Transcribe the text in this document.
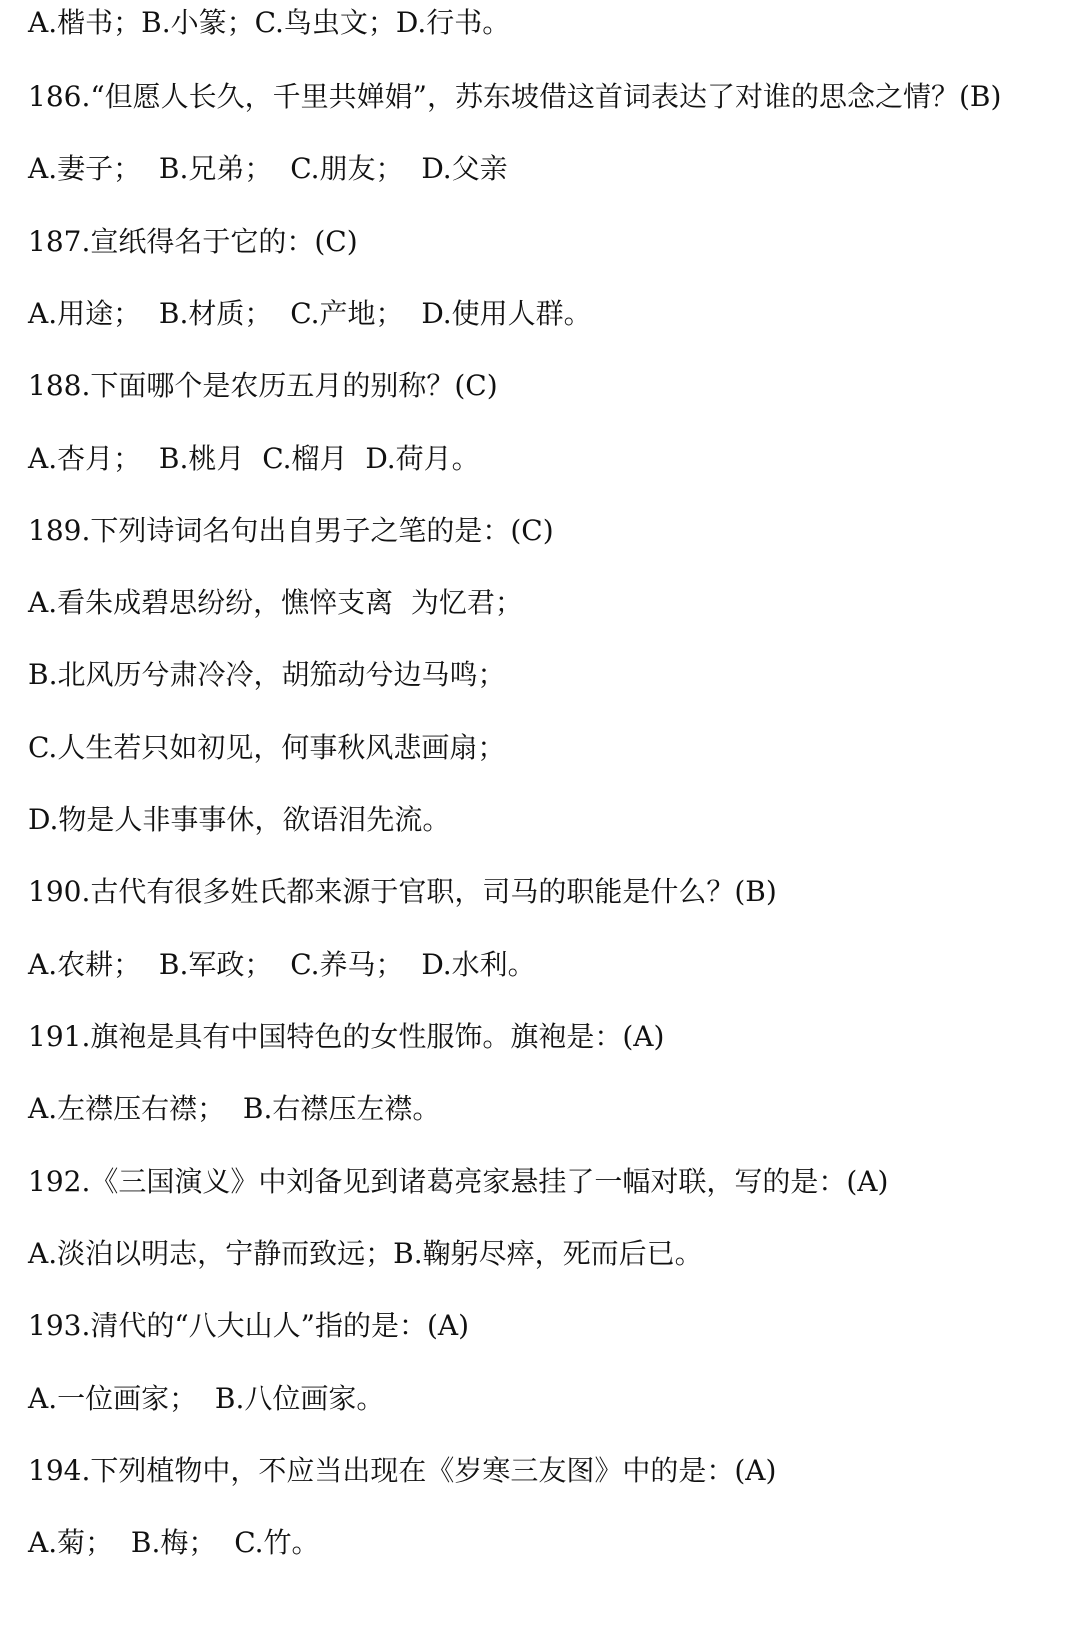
A.楷书；B.小篆；C.鸟虫文；D.行书。

186.“但愿人长久，千里共婵娟”，苏东坡借这首词表达了对谁的思念之情？(B)

A.妻子；  B.兄弟；  C.朋友；  D.父亲

187.宣纸得名于它的：(C)

A.用途；  B.材质；  C.产地；  D.使用人群。

188.下面哪个是农历五月的别称？(C)

A.杏月；  B.桃月  C.榴月  D.荷月。

189.下列诗词名句出自男子之笔的是：(C)

A.看朱成碧思纷纷，憔悴支离  为忆君；

B.北风历兮肃冷冷，胡笳动兮边马鸣；

C.人生若只如初见，何事秋风悲画扇；

D.物是人非事事休，欲语泪先流。

190.古代有很多姓氏都来源于官职，司马的职能是什么？(B)

A.农耕；  B.军政；  C.养马；  D.水利。

191.旗袍是具有中国特色的女性服饰。旗袍是：(A)

A.左襟压右襟；  B.右襟压左襟。

192.《三国演义》中刘备见到诸葛亮家悬挂了一幅对联，写的是：(A)

A.淡泊以明志，宁静而致远；B.鞠躬尽瘁，死而后已。

193.清代的“八大山人”指的是：(A)

A.一位画家；  B.八位画家。

194.下列植物中，不应当出现在《岁寒三友图》中的是：(A)

A.菊；  B.梅；  C.竹。
